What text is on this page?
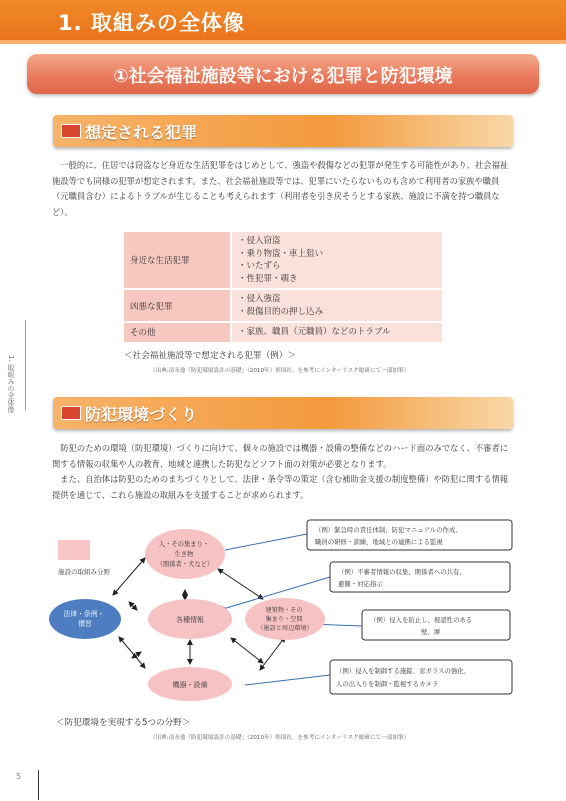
1. 取組みの全体像
①社会福祉施設等における犯罪と防犯環境
想定される犯罪
一般的に、住居では窃盗など身近な生活犯罪をはじめとして、強盗や殺傷などの犯罪が発生する可能性があり、社会福祉施設等でも同様の犯罪が想定されます。また、社会福祉施設等では、犯罪にいたらないものも含めて利用者の家族や職員（元職員含む）によるトラブルが生じることも考えられます（利用者を引き戻そうとする家族、施設に不満を持つ職員など）。
身近な生活犯罪	・侵入窃盗
・乗り物盗・車上狙い
・いたずら
・性犯罪・覗き

凶悪な犯罪	・侵入強盗
・殺傷目的の押し込み

その他	・家族、職員（元職員）などのトラブル
＜社会福祉施設等で想定される犯罪（例）＞
（出典:清永他『防犯環境設計の基礎』（2010年）彰国社、を参考にインターリスク総研にて一部加筆）
1. 取組みの全体像
防犯環境づくり
防犯のための環境（防犯環境）づくりに向けて、個々の施設では機器・設備の整備などのハード面のみでなく、不審者に関する情報の収集や人の教育、地域と連携した防犯などソフト面の対策が必要となります。
また、自治体は防犯のためのまちづくりとして、法律・条令等の策定（含む補助金支援の制度整備）や防犯に関する情報提供を通じて、これら施設の取組みを支援することが求められます。
施設の取組み分野
人・その集まり・ 生き物 （関係者・犬など）
各種情報
法律・条例・ 慣習
建築物・その 集まり・空間 （施設と周辺環境）
機器・設備
（例）緊急時の責任体制、防犯マニュアルの作成、 職員の研修・訓練、地域との連携による監視
（例）不審者情報の収集、関係者への共有、 避難・対応指示
（例）侵入を防止し、視認性のある 壁、塀
（例）侵入を制御する施錠、窓ガラスの強化、 人の出入りを制御・監視するカメラ
＜防犯環境を実現する5つの分野＞
（出典:清永他『防犯環境設計の基礎』（2010年）彰国社、を参考にインターリスク総研にて一部加筆）
5
